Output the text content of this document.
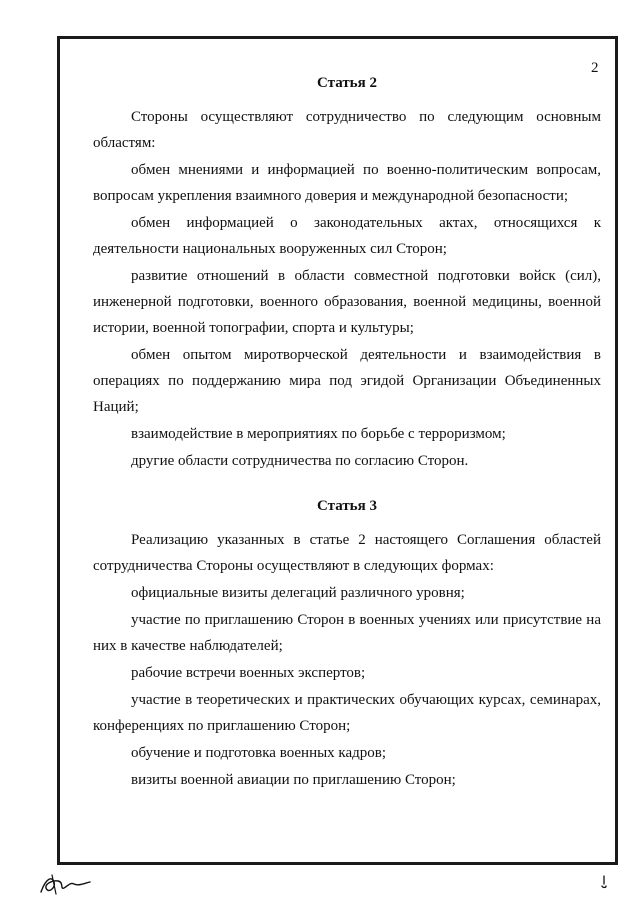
2
Статья 2

Стороны осуществляют сотрудничество по следующим основным областям:

обмен мнениями и информацией по военно-политическим вопросам, вопросам укрепления взаимного доверия и международной безопасности;

обмен информацией о законодательных актах, относящихся к деятельности национальных вооруженных сил Сторон;

развитие отношений в области совместной подготовки войск (сил), инженерной подготовки, военного образования, военной медицины, военной истории, военной топографии, спорта и культуры;

обмен опытом миротворческой деятельности и взаимодействия в операциях по поддержанию мира под эгидой Организации Объединенных Наций;

взаимодействие в мероприятиях по борьбе с терроризмом;

другие области сотрудничества по согласию Сторон.

Статья 3

Реализацию указанных в статье 2 настоящего Соглашения областей сотрудничества Стороны осуществляют в следующих формах:

официальные визиты делегаций различного уровня;

участие по приглашению Сторон в военных учениях или присутствие на них в качестве наблюдателей;

рабочие встречи военных экспертов;

участие в теоретических и практических обучающих курсах, семинарах, конференциях по приглашению Сторон;

обучение и подготовка военных кадров;

визиты военной авиации по приглашению Сторон;
